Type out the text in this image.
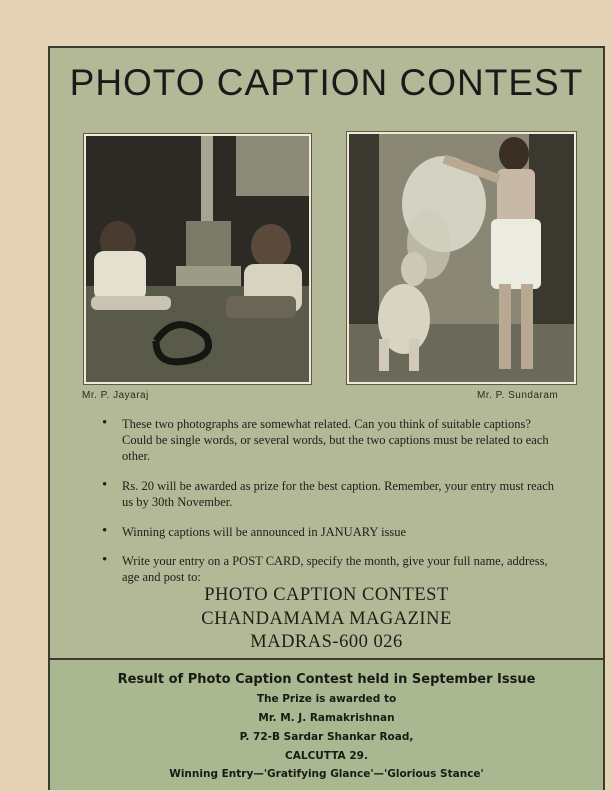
PHOTO CAPTION CONTEST
Mr. P. Jayaraj	Mr. P. Sundaram
• These two photographs are somewhat related. Can you think of suitable captions? Could be single words, or several words, but the two captions must be related to each other.
• Rs. 20 will be awarded as prize for the best caption. Remember, your entry must reach us by 30th November.
• Winning captions will be announced in JANUARY issue
• Write your entry on a POST CARD, specify the month, give your full name, address, age and post to:
PHOTO CAPTION CONTEST
CHANDAMAMA MAGAZINE
MADRAS-600 026
Result of Photo Caption Contest held in September Issue
The Prize is awarded to
Mr. M. J. Ramakrishnan
P. 72-B Sardar Shankar Road,
CALCUTTA 29.
Winning Entry—'Gratifying Glance'—'Glorious Stance'
